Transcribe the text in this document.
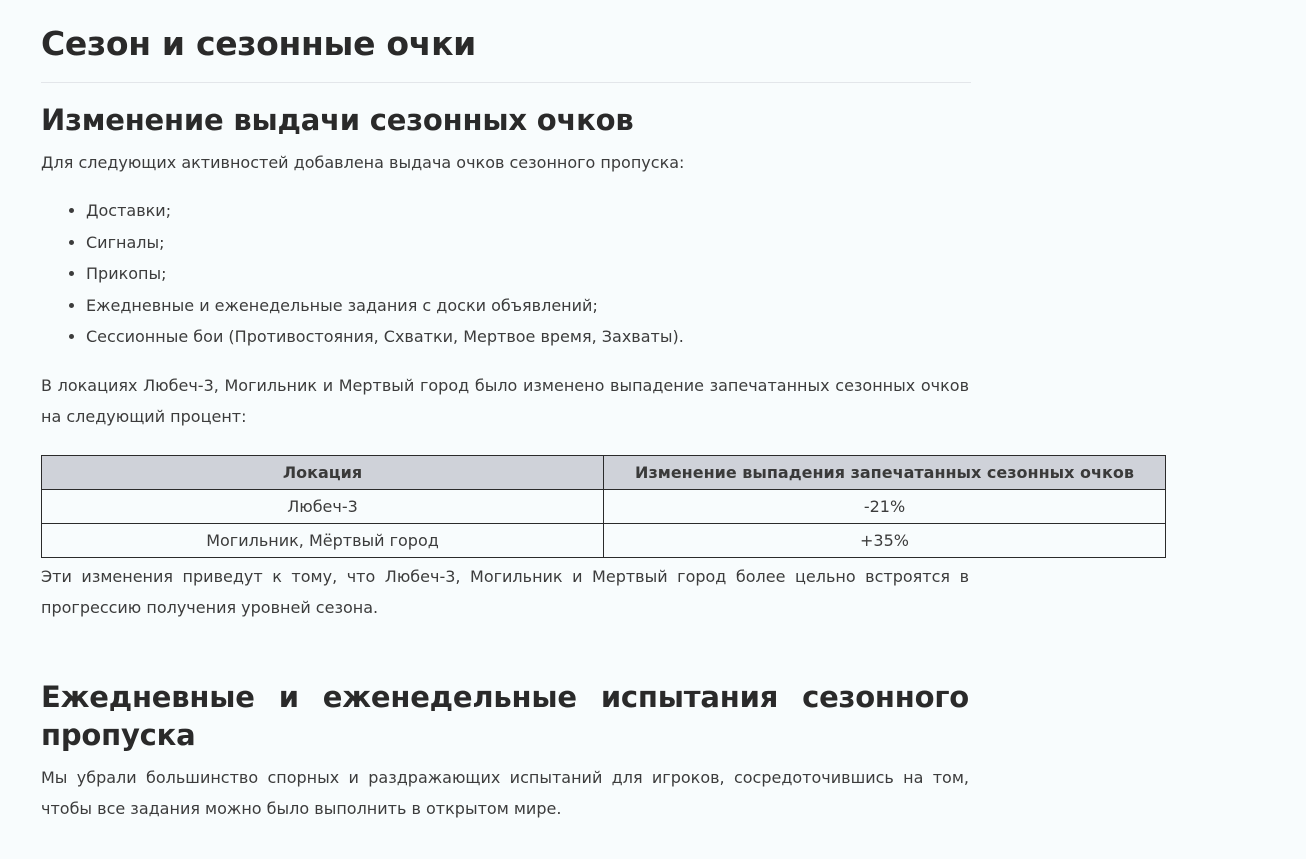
Сезон и сезонные очки
Изменение выдачи сезонных очков

Для следующих активностей добавлена выдача очков сезонного пропуска:

• Доставки;
• Сигналы;
• Прикопы;
• Ежедневные и еженедельные задания с доски объявлений;
• Сессионные бои (Противостояния, Схватки, Мертвое время, Захваты).

В локациях Любеч-3, Могильник и Мертвый город было изменено выпадение запечатанных сезонных очков на следующий процент:

Локация	Изменение выпадения запечатанных сезонных очков
Любеч-3	-21%
Могильник, Мёртвый город	+35%

Эти изменения приведут к тому, что Любеч-3, Могильник и Мертвый город более цельно встроятся в прогрессию получения уровней сезона.

Ежедневные и еженедельные испытания сезонного пропуска

Мы убрали большинство спорных и раздражающих испытаний для игроков, сосредоточившись на том, чтобы все задания можно было выполнить в открытом мире.
